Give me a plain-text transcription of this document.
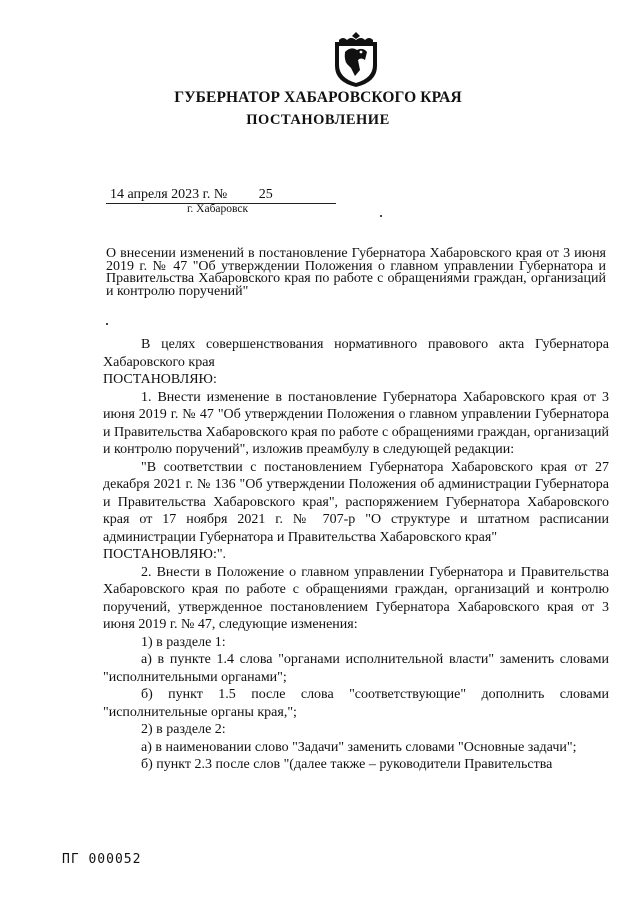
ГУБЕРНАТОР ХАБАРОВСКОГО КРАЯ
ПОСТАНОВЛЕНИЕ
14 апреля 2023 г. № 25
г. Хабаровск
О внесении изменений в постановление Губернатора Хабаровского края от 3 июня 2019 г. № 47 "Об утверждении Положения о главном управлении Губернатора и Правительства Хабаровского края по работе с обращениями граждан, организаций и контролю поручений"

В целях совершенствования нормативного правового акта Губернатора Хабаровского края

ПОСТАНОВЛЯЮ:

1. Внести изменение в постановление Губернатора Хабаровского края от 3 июня 2019 г. № 47 "Об утверждении Положения о главном управлении Губернатора и Правительства Хабаровского края по работе с обращениями граждан, организаций и контролю поручений", изложив преамбулу в следующей редакции:

"В соответствии с постановлением Губернатора Хабаровского края от 27 декабря 2021 г. № 136 "Об утверждении Положения об администрации Губернатора и Правительства Хабаровского края", распоряжением Губернатора Хабаровского края от 17 ноября 2021 г. № 707-р "О структуре и штатном расписании администрации Губернатора и Правительства Хабаровского края"

ПОСТАНОВЛЯЮ:".

2. Внести в Положение о главном управлении Губернатора и Правительства Хабаровского края по работе с обращениями граждан, организаций и контролю поручений, утвержденное постановлением Губернатора Хабаровского края от 3 июня 2019 г. № 47, следующие изменения:

1) в разделе 1:

а) в пункте 1.4 слова "органами исполнительной власти" заменить словами "исполнительными органами";

б) пункт 1.5 после слова "соответствующие" дополнить словами "исполнительные органы края,";

2) в разделе 2:

а) в наименовании слово "Задачи" заменить словами "Основные задачи";

б) пункт 2.3 после слов "(далее также – руководители Правительства

ПГ 000052
